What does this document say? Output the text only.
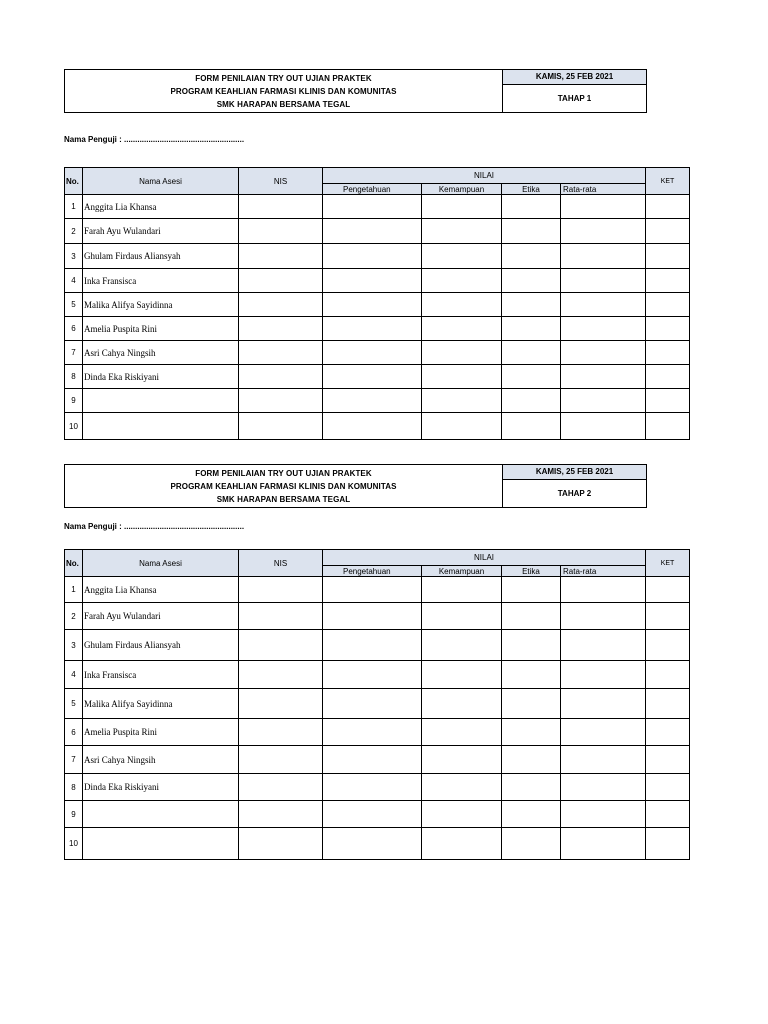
FORM PENILAIAN TRY OUT UJIAN PRAKTEK
PROGRAM KEAHLIAN FARMASI KLINIS DAN KOMUNITAS
SMK HARAPAN BERSAMA TEGAL
KAMIS, 25 FEB 2021
TAHAP 1
Nama Penguji : ......................................................
No.	Nama Asesi	NIS	NILAI				KET
			Pengetahuan	Kemampuan	Etika	Rata-rata	
1	Anggita Lia Khansa						
2	Farah Ayu Wulandari						
3	Ghulam Firdaus Aliansyah						
4	Inka Fransisca						
5	Malika Alifya Sayidinna						
6	Amelia Puspita Rini						
7	Asri Cahya Ningsih						
8	Dinda Eka Riskiyani						
9							
10							
FORM PENILAIAN TRY OUT UJIAN PRAKTEK
PROGRAM KEAHLIAN FARMASI KLINIS DAN KOMUNITAS
SMK HARAPAN BERSAMA TEGAL
KAMIS, 25 FEB 2021
TAHAP 2
Nama Penguji : ......................................................
No.	Nama Asesi	NIS	NILAI				KET
			Pengetahuan	Kemampuan	Etika	Rata-rata	
1	Anggita Lia Khansa						
2	Farah Ayu Wulandari						
3	Ghulam Firdaus Aliansyah						
4	Inka Fransisca						
5	Malika Alifya Sayidinna						
6	Amelia Puspita Rini						
7	Asri Cahya Ningsih						
8	Dinda Eka Riskiyani						
9							
10							
